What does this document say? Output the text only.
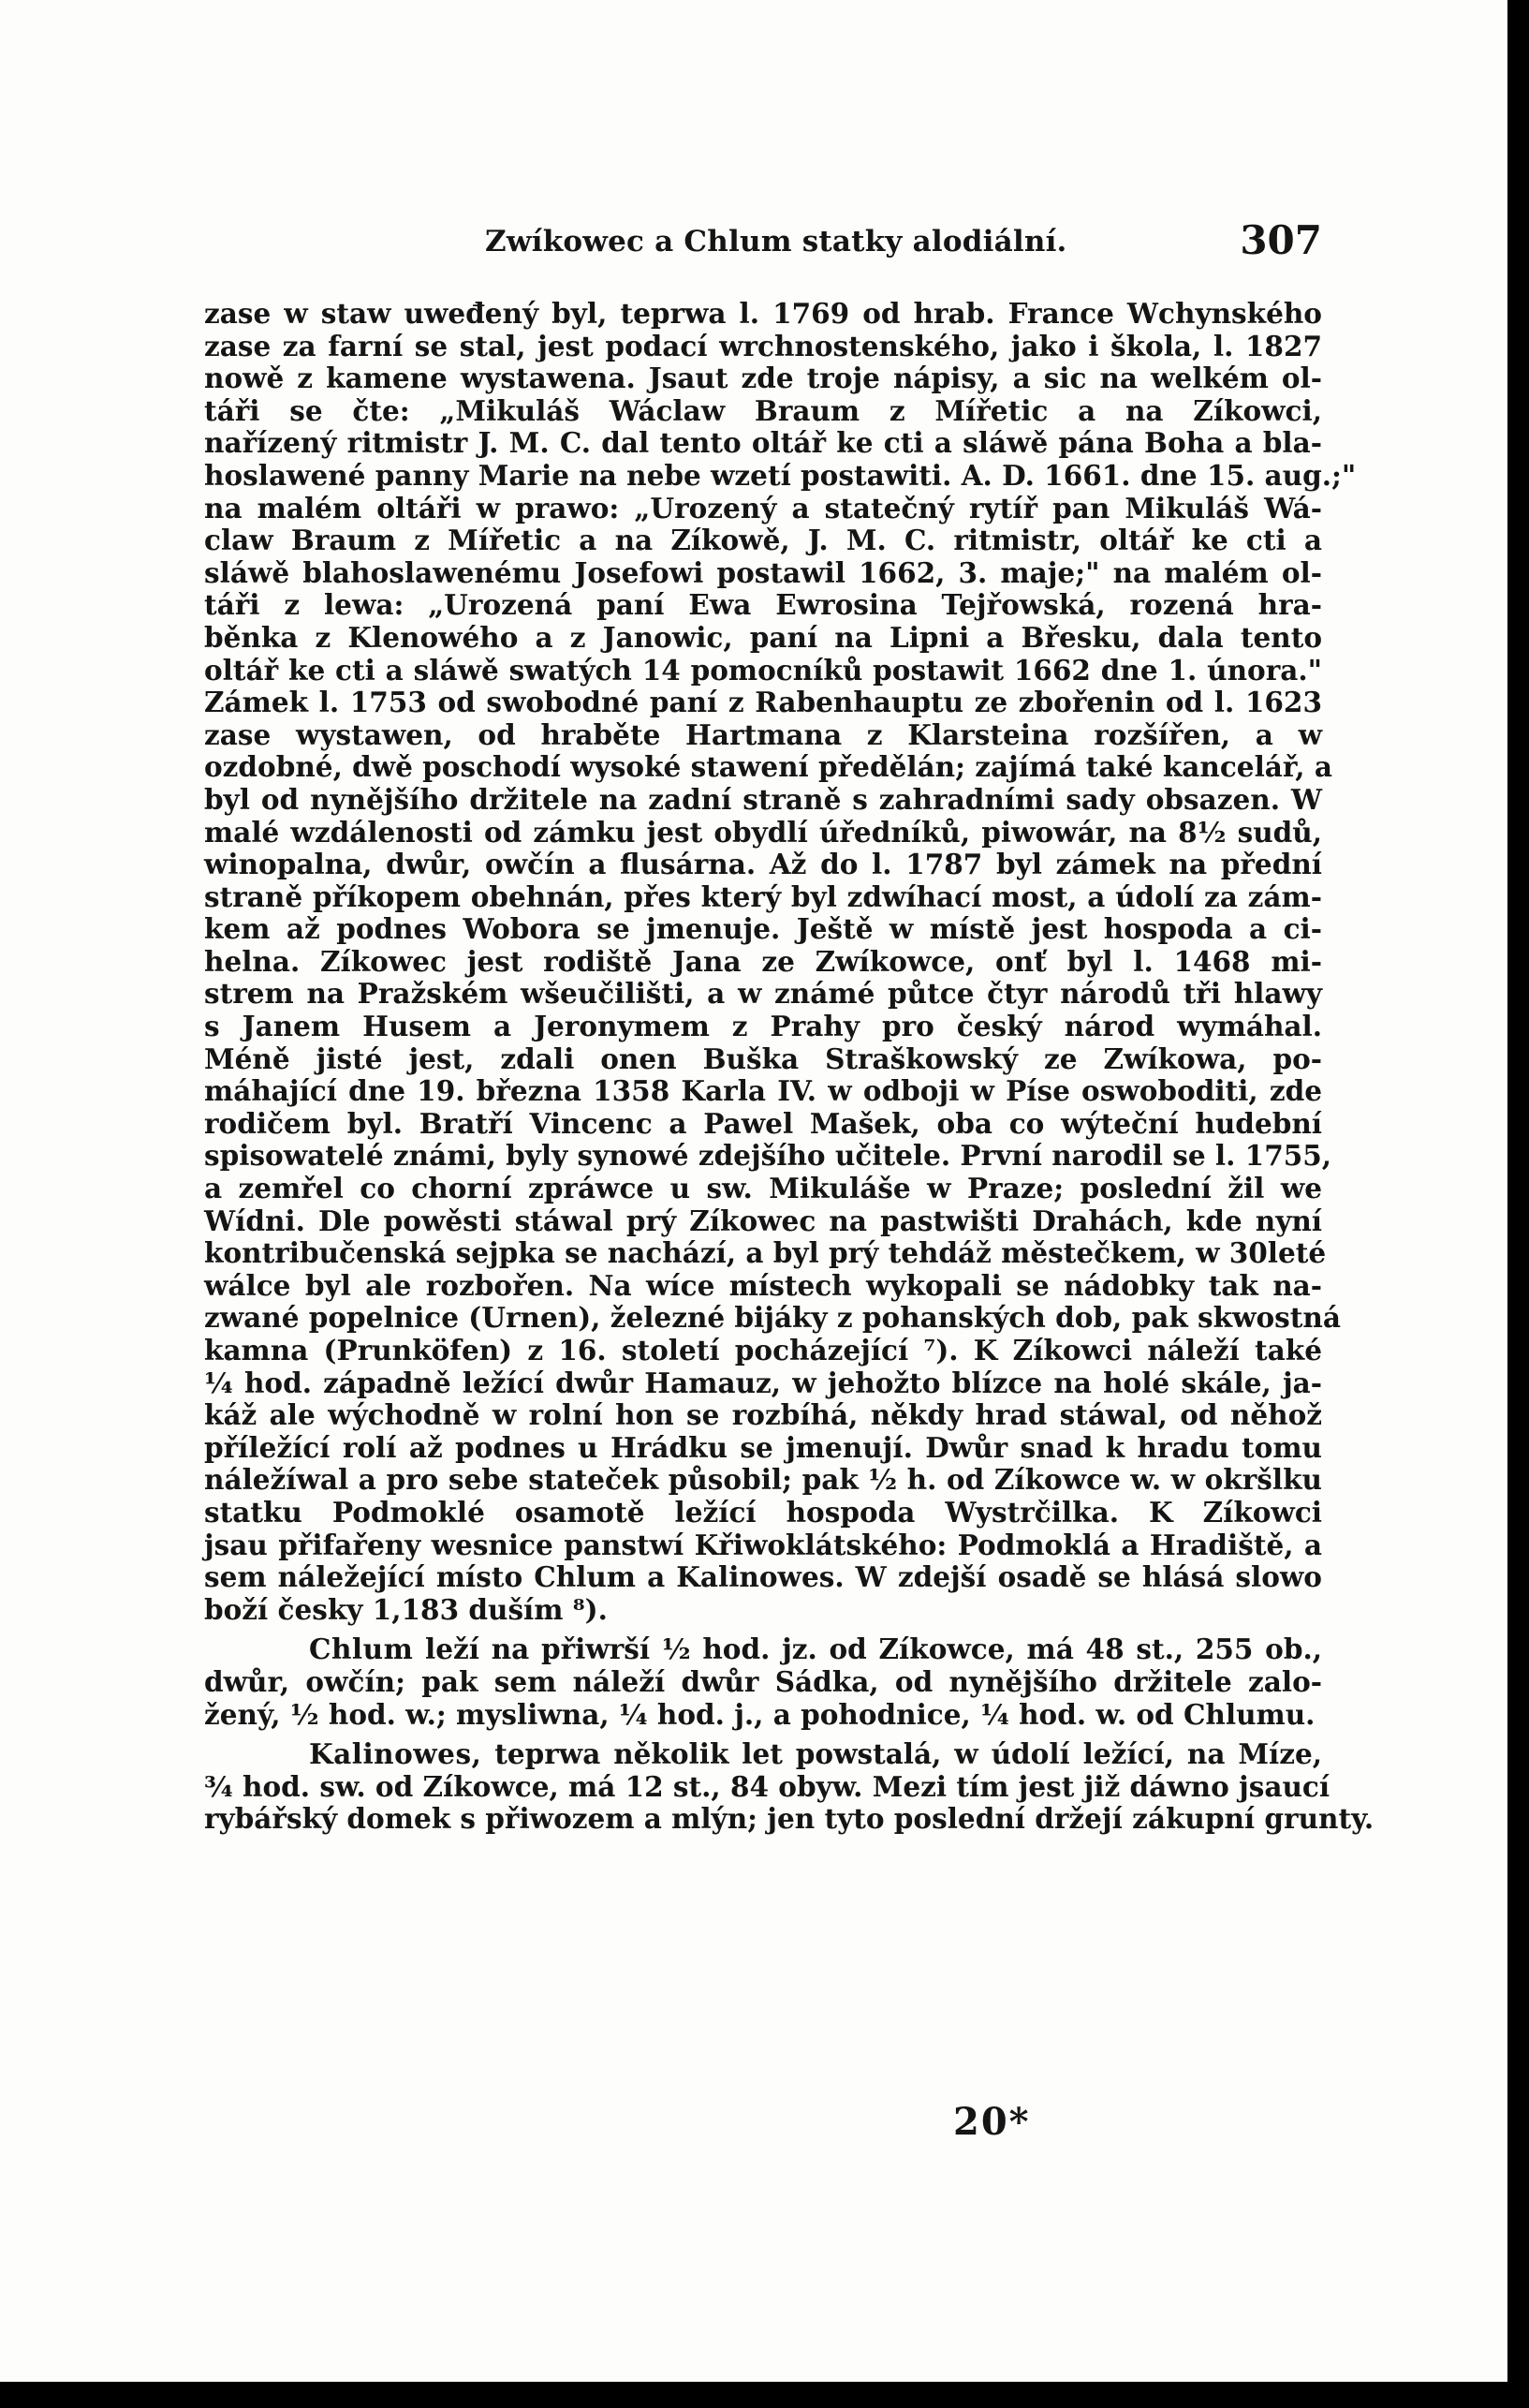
Zwíkowec a Chlum statky alodiální.	307
zase w staw uweđený byl, teprwa l. 1769 od hrab. France Wchynského
zase za farní se stal, jest podací wrchnostenského, jako i škola, l. 1827
nowě z kamene wystawena. Jsaut zde troje nápisy, a sic na welkém ol-
táři se čte: „Mikuláš Wáclaw Braum z Mířetic a na Zíkowci,
nařízený ritmistr J. M. C. dal tento oltář ke cti a sláwě pána Boha a bla-
hoslawené panny Marie na nebe wzetí postawiti. A. D. 1661. dne 15. aug.;"
na malém oltáři w prawo: „Urozený a statečný rytíř pan Mikuláš Wá-
claw Braum z Mířetic a na Zíkowě, J. M. C. ritmistr, oltář ke cti a
sláwě blahoslawenému Josefowi postawil 1662, 3. maje;" na malém ol-
táři z lewa: „Urozená paní Ewa Ewrosina Tejřowská, rozená hra-
běnka z Klenowého a z Janowic, paní na Lipni a Břesku, dala tento
oltář ke cti a sláwě swatých 14 pomocníků postawit 1662 dne 1. února."
Zámek l. 1753 od swobodné paní z Rabenhauptu ze zbořenin od l. 1623
zase wystawen, od hraběte Hartmana z Klarsteina rozšířen, a w
ozdobné, dwě poschodí wysoké stawení předělán; zajímá také kancelář, a
byl od nynějšího držitele na zadní straně s zahradními sady obsazen. W
malé wzdálenosti od zámku jest obydlí úředníků, piwowár, na 8½ sudů,
winopalna, dwůr, owčín a flusárna. Až do l. 1787 byl zámek na přední
straně příkopem obehnán, přes který byl zdwíhací most, a údolí za zám-
kem až podnes Wobora se jmenuje. Ještě w místě jest hospoda a ci-
helna. Zíkowec jest rodiště Jana ze Zwíkowce, onť byl l. 1468 mi-
strem na Pražském wšeučilišti, a w známé půtce čtyr národů tři hlawy
s Janem Husem a Jeronymem z Prahy pro český národ wymáhal.
Méně jisté jest, zdali onen Buška Straškowský ze Zwíkowa, po-
máhající dne 19. března 1358 Karla IV. w odboji w Píse oswoboditi, zde
rodičem byl. Bratří Vincenc a Pawel Mašek, oba co wýteční hudební
spisowatelé známi, byly synowé zdejšího učitele. První narodil se l. 1755,
a zemřel co chorní zpráwce u sw. Mikuláše w Praze; poslední žil we
Wídni. Dle powěsti stáwal prý Zíkowec na pastwišti Drahách, kde nyní
kontribučenská sejpka se nachází, a byl prý tehdáž městečkem, w 30leté
wálce byl ale rozbořen. Na wíce místech wykopali se nádobky tak na-
zwané popelnice (Urnen), železné bijáky z pohanských dob, pak skwostná
kamna (Prunköfen) z 16. století pocházející ⁷). K Zíkowci náleží také
¼ hod. západně ležící dwůr Hamauz, w jehožto blízce na holé skále, ja-
káž ale wýchodně w rolní hon se rozbíhá, někdy hrad stáwal, od něhož
příležící rolí až podnes u Hrádku se jmenují. Dwůr snad k hradu tomu
náležíwal a pro sebe stateček působil; pak ½ h. od Zíkowce w. w okršlku
statku Podmoklé osamotě ležící hospoda Wystrčilka. K Zíkowci
jsau přifařeny wesnice panstwí Křiwoklátského: Podmoklá a Hradiště, a
sem náležející místo Chlum a Kalinowes. W zdejší osadě se hlásá slowo
boží česky 1,183 duším ⁸).
Chlum leží na přiwrší ½ hod. jz. od Zíkowce, má 48 st., 255 ob.,
dwůr, owčín; pak sem náleží dwůr Sádka, od nynějšího držitele zalo-
žený, ½ hod. w.; mysliwna, ¼ hod. j., a pohodnice, ¼ hod. w. od Chlumu.
Kalinowes, teprwa několik let powstalá, w údolí ležící, na Míze,
¾ hod. sw. od Zíkowce, má 12 st., 84 obyw. Mezi tím jest již dáwno jsaucí
rybářský domek s přiwozem a mlýn; jen tyto poslední držejí zákupní grunty.
20*
